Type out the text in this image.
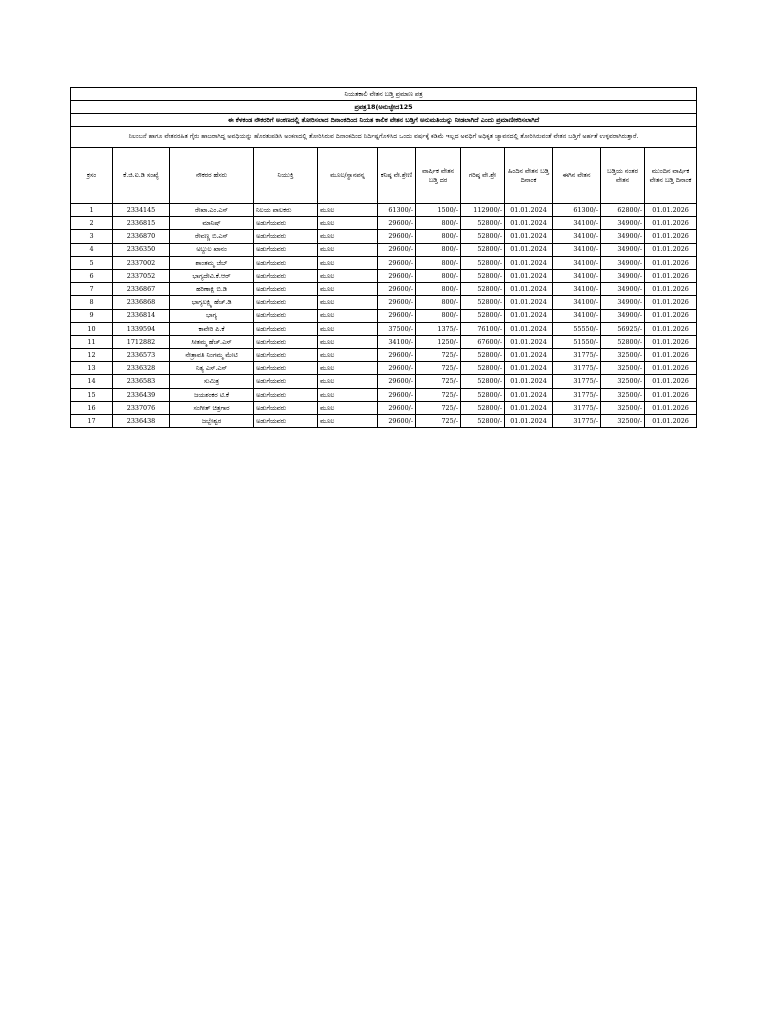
ನಿಯತಕಾಲಿ ವೇತನ ಬಡ್ತಿ ಪ್ರಮಾಣ ಪತ್ರ											
ಪ್ರಪತ್ರ18(ಅನುಚ್ಛೇದ125											
ಈ ಕೆಳಕಂಡ ನೌಕರರಿಗೆ ಅಂಕಣದಲ್ಲಿ ತೋರಿಸಲಾದ ದಿನಾಂಕದಿಂದ ನಿಯತ ಕಾಲಿಕ ವೇತನ ಬಡ್ತಿಗೆ ಅನುಮತಿಯನ್ನು ನೀಡಲಾಗಿದೆ ಎಂದು ಪ್ರಮಾಣೀಕರಿಸಲಾಗಿದೆ											
ನಿಲಂಬನೆ ಹಾಗೂ ವೇತನರಹಿತ ಗೈರು ಹಾಜರಾಗಿದ್ದ ಅವಧಿಯನ್ನು ಹೊರತುಪಡಿಸಿ ಅಂಕಣದಲ್ಲಿ ತೋರಿಸಿರುವ ದಿನಾಂಕದಿಂದ ನಿರ್ದಿಷ್ಟಗೊಳಿಸಿದ ಒಂದು ವರ್ಷಕ್ಕೆ ಕಡಿಮೆ ಇಲ್ಲದ ಅವಧಿಗೆ ಅಧಿಕೃತ ಚ್ಯಾವನದಲ್ಲಿ ತೋರಿಸಿರುವಂತೆ ವೇತನ ಬಡ್ತಿಗೆ ಅರ್ಹತೆ ಉಳ್ಳವರಾಗಿರುತ್ತಾರೆ.											
ಕ್ರಸಂ	ಕೆ.ಜಿ.ಐ.ಡಿ ಸಂಖ್ಯೆ	ನೌಕರರ ಹೆಸರು	ನಿಯುಕ್ತಿ	ಮೂಲ/ಸ್ಥಾನಪನ್ನ	ಕನಿಷ್ಠ ವೇ.ಶ್ರೇಣಿ	ವಾರ್ಷಿಕ ವೇತನ ಬಡ್ತಿ ದರ	ಗರಿಷ್ಠ ವೇ.ಶ್ರೇ	ಹಿಂದಿನ ವೇತನ ಬಡ್ತಿ ದಿನಾಂಕ	ಈಗಿನ ವೇತನ	ಬಡ್ತಿಯ ನಂತರ ವೇತನ	ಮುಂದಿನ ವಾರ್ಷಿಕ ವೇತನ ಬಡ್ತಿ ದಿನಾಂಕ
1	2334145	ರೇಖಾ.ಎಂ.ಎಸ್	ನಿಲಯ ಪಾಲಕರು	ಮೂಲ	61300/-	1500/-	112900/-	01.01.2024	61300/-	62800/-	01.01.2026
2	2336815	ಮಾನಿಷ್	ಅಡುಗೆಯವರು	ಮೂಲ	29600/-	800/-	52800/-	01.01.2024	34100/-	34900/-	01.01.2026
3	2336870	ರೇವಣ್ಣ ಬಿ.ಎಸ್	ಅಡುಗೆಯವರು	ಮೂಲ	29600/-	800/-	52800/-	01.01.2024	34100/-	34900/-	01.01.2026
4	2336350	ಅಬ್ದುಲ ಖಾನಂ	ಅಡುಗೆಯವರು	ಮೂಲ	29600/-	800/-	52800/-	01.01.2024	34100/-	34900/-	01.01.2026
5	2337002	ಶಾಂತಮ್ಮ ಜೆಬ್	ಅಡುಗೆಯವರು	ಮೂಲ	29600/-	800/-	52800/-	01.01.2024	34100/-	34900/-	01.01.2026
6	2337052	ಭಾಗ್ಯದೇವಿ.ಕೆ.ಆರ್	ಅಡುಗೆಯವರು	ಮೂಲ	29600/-	800/-	52800/-	01.01.2024	34100/-	34900/-	01.01.2026
7	2336867	ಹರಿಣಾಕ್ಷಿ ಬಿ.ಡಿ	ಅಡುಗೆಯವರು	ಮೂಲ	29600/-	800/-	52800/-	01.01.2024	34100/-	34900/-	01.01.2026
8	2336868	ಭಾಗ್ಯಲಕ್ಷ್ಮಿ ಹೆಚ್.ಡಿ	ಅಡುಗೆಯವರು	ಮೂಲ	29600/-	800/-	52800/-	01.01.2024	34100/-	34900/-	01.01.2026
9	2336814	ಭಾಗ್ಯ	ಅಡುಗೆಯವರು	ಮೂಲ	29600/-	800/-	52800/-	01.01.2024	34100/-	34900/-	01.01.2026
10	1339594	ಕಾವೇರಿ ಪಿ.ಕೆ	ಅಡುಗೆಯವರು	ಮೂಲ	37500/-	1375/-	76100/-	01.01.2024	55550/-	56925/-	01.01.2026
11	1712882	ಸೀತಮ್ಮ ಹೆಚ್.ಎಸ್	ಅಡುಗೆಯವರು	ಮೂಲ	34100/-	1250/-	67600/-	01.01.2024	51550/-	52800/-	01.01.2026
12	2336573	ನೇತ್ರಾವತಿ ನಿಂಗಮ್ಮ ಮೇಟಿ	ಅಡುಗೆಯವರು	ಮೂಲ	29600/-	725/-	52800/-	01.01.2024	31775/-	32500/-	01.01.2026
13	2336328	ನಿತ್ಯ ಎಸ್.ಎಸ್	ಅಡುಗೆಯವರು	ಮೂಲ	29600/-	725/-	52800/-	01.01.2024	31775/-	32500/-	01.01.2026
14	2336583	ಸುಮಿತ್ರ	ಅಡುಗೆಯವರು	ಮೂಲ	29600/-	725/-	52800/-	01.01.2024	31775/-	32500/-	01.01.2026
15	2336439	ಜಯಶಂಕರ ಟಿ.ಕೆ	ಅಡುಗೆಯವರು	ಮೂಲ	29600/-	725/-	52800/-	01.01.2024	31775/-	32500/-	01.01.2026
16	2337076	ಸಂಗೀತ್ ಚಿತ್ರಗಾರ	ಅಡುಗೆಯವರು	ಮೂಲ	29600/-	725/-	52800/-	01.01.2024	31775/-	32500/-	01.01.2026
17	2336438	ಜಬ್ಬೇಶ್ವರ	ಅಡುಗೆಯವರು	ಮೂಲ	29600/-	725/-	52800/-	01.01.2024	31775/-	32500/-	01.01.2026
